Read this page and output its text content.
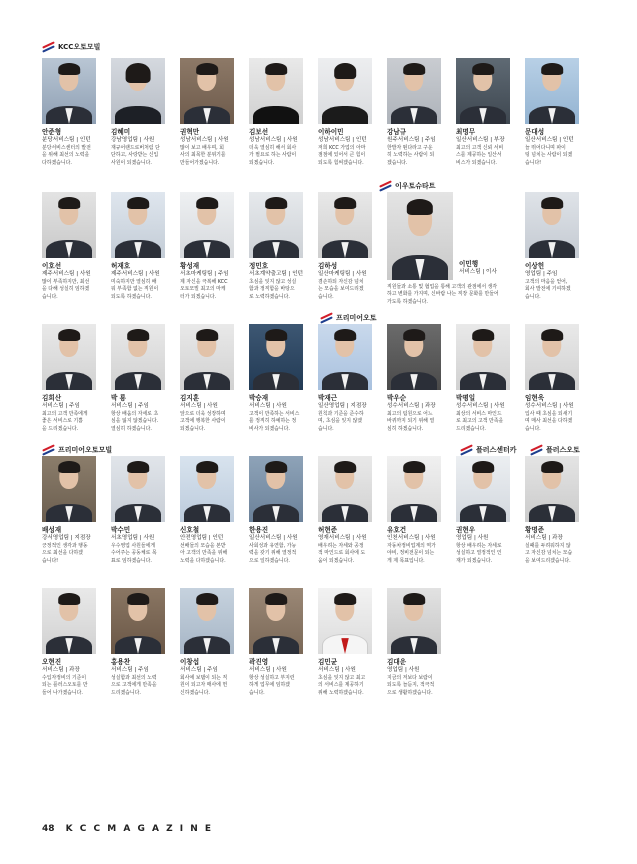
KCC오토모빌
이우토슈타트
프리미어오토
프리미어오토모빌	플러스센터카	플러스오토
안준형
분당서비스팀 | 인턴
분당서비스센터의 발전
을 위해 최선의 노력을
다하겠습니다.
김혜미
강남영업팀 | 사원
재규어랜드로버처럼 단
단하고, 사랑받는 신입
사원이 되겠습니다.
권혁만
성남서비스팀 | 사원
많이 보고 배우며, 회
사의 최목한 분위기를
만들어가겠습니다.
김보선
성남서비스팀 | 사원
더욱 열심히 해서 회사
가 필요로 하는 사람이
되겠습니다.
이하이민
성남서비스팀 | 인턴
저희 KCC 가업의 아마
점점에 있어서 큰 힘이
되도록 힘써겠습니다.
강남규
원주서비스팀 | 주임
한발자 뛴다라고 구운
히 노력하는 사람이 되
겠습니다.
최명무
일산서비스팀 | 부장
최고의 고객 신뢰 서비
스를 제공하는 일산서
비스가 되겠습니다.
문대성
일산서비스팀 | 인턴
늘 뛰어다니며 파이
팅 넘치는 사람이 되겠
습니다!
이호선
제주서비스팀 | 사원
많이 부족하지만, 최선
을 다해 성실히 임하겠
습니다.
허재호
제주서비스팀 | 사원
미숙하지만 열심히 배
워 부족함 없는 직원이
되도록 하겠습니다.
황성재
서초마케팅팀 | 주임
제 자신을 극복해 KCC
오토모빌 최고의 마케
터가 되겠습니다.
정민호
서초계약출고팀 | 인턴
초심을 잊지 않고 성실
함과 정직함을 바탕으
로 노력하겠습니다.
김하성
일산마케팅팀 | 사원
겸손하되 자신감 넘치
는 모습을 보여드리겠
습니다.
이민행
서비스팀 | 이사
직원들과 소통 및 협업을 통해 고객의 관점에서 생각
하고 변화를 가지며, 신바람 나는 직장 문화를 만들어
가도록 하겠습니다.
이상헌
영업팀 | 주임
고객의 마음을 얻어,
회사 발전에 기여하겠
습니다.
김희산
서비스팀 | 주임
최고의 고객 만족에게
좋은 서비스로 기쁨
을 드리겠습니다.
박 룡
서비스팀 | 주임
항상 배움의 자세로 초
심을 잃지 않겠습니다.
열심히 하겠습니다.
김지훈
서비스팀 | 사원
앞으로 더욱 성장하며
고객에 행복한 사람이
되겠습니다.
박승재
서비스팀 | 사원
고객이 만족하는 서비스
를 정직히 하예하는 정
비사가 되겠습니다.
박재근
일산영업팀 | 지점장
원칙과 기준을 준수하
며, 초심을 잊지 않겠
습니다.
박우순
성수서비스팀 | 과장
최고의 팀원으로 어느
바퀴까지 되기 위해 열
심히 하겠습니다.
박평일
성수서비스팀 | 사원
최상의 서비스 마인드
로 최고의 고객 만족을
드리겠습니다.
임현욱
성수서비스팀 | 사원
입사 때 초심을 되새기
며 매사 최선을 다하겠
습니다.
배성재
강서영업팀 | 지점장
긍정적인 생각과 행동
으로 최선을 다하겠
습니다!
박수민
서초영업팀 | 사원
우수영업 사원들에게
수어주는 공동체로 목
표로 임하겠습니다.
신호철
안전영업팀 | 인턴
선배들의 모습을 본받
아 고객의 만족을 위해
노력을 다하겠습니다.
한용진
일산서비스팀 | 사원
사회성과 유연함, 가능
력을 갖기 위해 열정적
으로 일하겠습니다.
허현준
영재서비스팀 | 사원
배우려는 자세와 공정
적 마인드로 회사에 도
움이 되겠습니다.
유호건
인천서비스팀 | 사원
자동차정비업계의 역가
야비, 정비전문이 되는
게 제 목표입니다.
권현우
영업팀 | 사원
항상 배우려는 자세로
성실하고 열정적인 인
재가 되겠습니다.
황명준
서비스팀 | 과장
실패를 두려워하지 않
고 자신감 넘치는 모습
을 보여드리겠습니다.
오현진
서비스팀 | 과장
수입자정비의 기준이
되는 플러스오토를 만
들어 나가겠습니다.
홍용찬
서비스팀 | 주임
성실함과 최선의 노력
으로 고객에게 만족을
드리겠습니다.
이창섭
서비스팀 | 주임
회사에 보탬이 되는 직
원이 되고자 매사에 헌
신하겠습니다.
곽진영
서비스팀 | 사원
항상 성실하고 부지런
하게 업무에 임하겠
습니다.
김민균
서비스팀 | 사원
초심을 잊지 않고 최고
의 서비스를 제공하기
위해 노력하겠습니다.
김대운
영업팀 | 사원
지금의 저보다 보람이
되도록 늘듣지, 적극적
으로 생활하겠습니다.
48 K C C M A G A Z I N E
